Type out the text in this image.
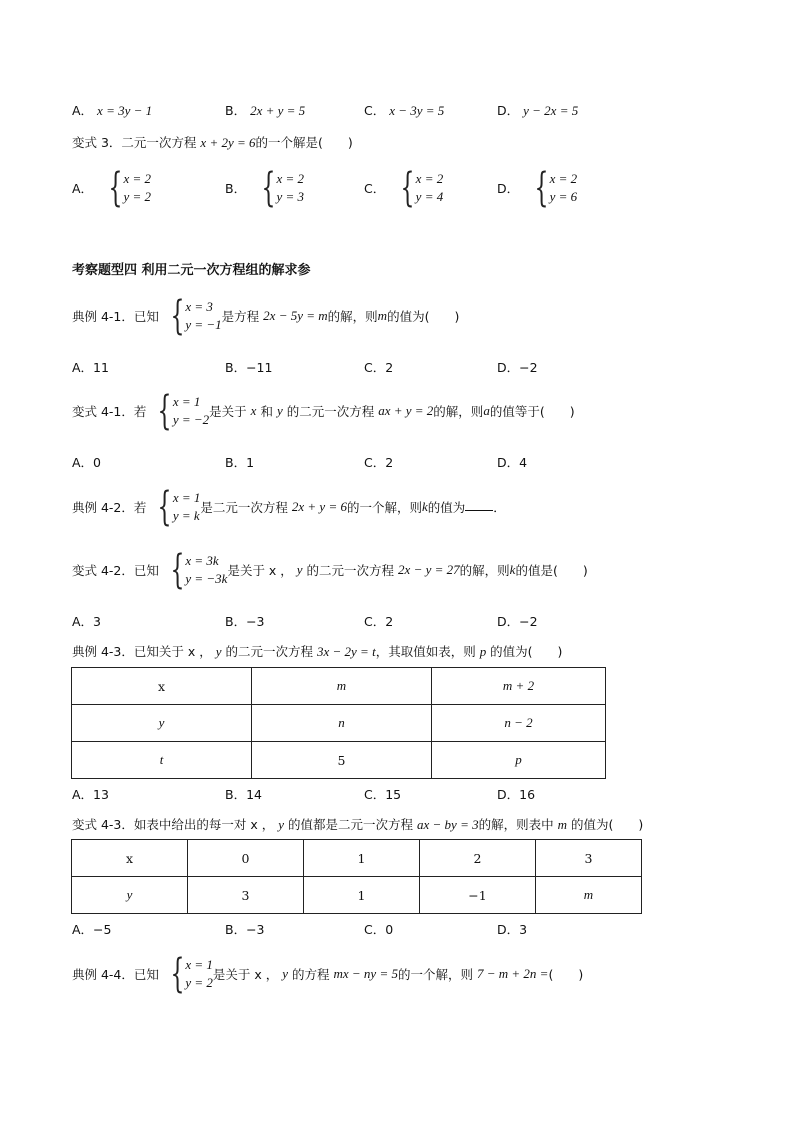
A． x = 3y − 1	B． 2x + y = 5	C． x − 3y = 5	D． y − 2x = 5
变式 3．二元一次方程 x + 2y = 6的一个解是(　　)
A． { x = 2
y = 2
B． { x = 2
y = 3
C． { x = 2
y = 4
D． { x = 2
y = 6
考察题型四 利用二元一次方程组的解求参
典例 4-1．已知 { x = 3
y = −1
是方程 2x − 5y = m的解，则m的值为(　　)
A．11	B．−11	C．2	D．−2
变式 4-1．若 { x = 1
y = −2
是关于 x 和 y 的二元一次方程 ax + y = 2的解，则a的值等于(　　)
A．0	B．1	C．2	D．4
典例 4-2．若 { x = 1
y = k
是二元一次方程 2x + y = 6的一个解，则k的值为 ．
变式 4-2．已知 { x = 3k
y = −3k
是关于 x ， y 的二元一次方程 2x − y = 27的解，则k的值是(　　)
A．3	B．−3	C．2	D．−2
典例 4-3．已知关于 x ， y 的二元一次方程 3x − 2y = t，其取值如表，则 p 的值为(　　)
x	m	m + 2
y	n	n − 2
t	5	p
A．13	B．14	C．15	D．16
变式 4-3．如表中给出的每一对 x ， y 的值都是二元一次方程 ax − by = 3的解，则表中 m 的值为(　　)
x	0	1	2	3
y	3	1	−1	m
A．−5	B．−3	C．0	D．3
典例 4-4．已知 { x = 1
y = 2
是关于 x ， y 的方程 mx − ny = 5的一个解，则 7 − m + 2n =(　　)
